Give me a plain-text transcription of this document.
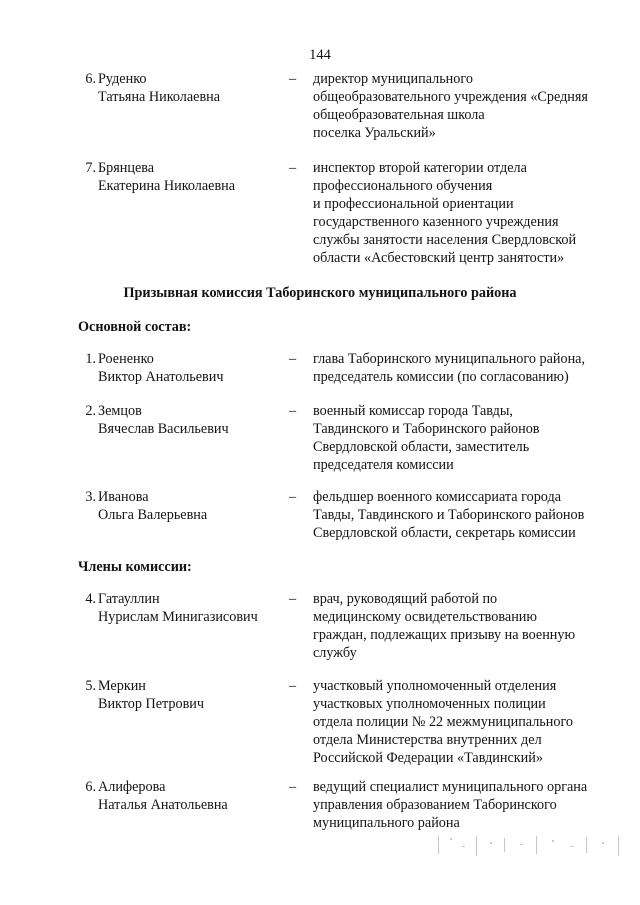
144
6. Руденко
Татьяна Николаевна
– директор муниципального
общеобразовательного учреждения «Средняя
общеобразовательная школа
поселка Уральский»
7. Брянцева
Екатерина Николаевна
– инспектор второй категории отдела
профессионального обучения
и профессиональной ориентации
государственного казенного учреждения
службы занятости населения Свердловской
области «Асбестовский центр занятости»
Призывная комиссия Таборинского муниципального района
Основной состав:
1. Роененко
Виктор Анатольевич
– глава Таборинского муниципального района,
председатель комиссии (по согласованию)
2. Земцов
Вячеслав Васильевич
– военный комиссар города Тавды,
Тавдинского и Таборинского районов
Свердловской области, заместитель
председателя комиссии
3. Иванова
Ольга Валерьевна
– фельдшер военного комиссариата города
Тавды, Тавдинского и Таборинского районов
Свердловской области, секретарь комиссии
Члены комиссии:
4. Гатауллин
Нурислам Минигазисович
– врач, руководящий работой по
медицинскому освидетельствованию
граждан, подлежащих призыву на военную
службу
5. Меркин
Виктор Петрович
– участковый уполномоченный отделения
участковых уполномоченных полиции
отдела полиции № 22 межмуниципального
отдела Министерства внутренних дел
Российской Федерации «Тавдинский»
6. Алиферова
Наталья Анатольевна
– ведущий специалист муниципального органа
управления образованием Таборинского
муниципального района
